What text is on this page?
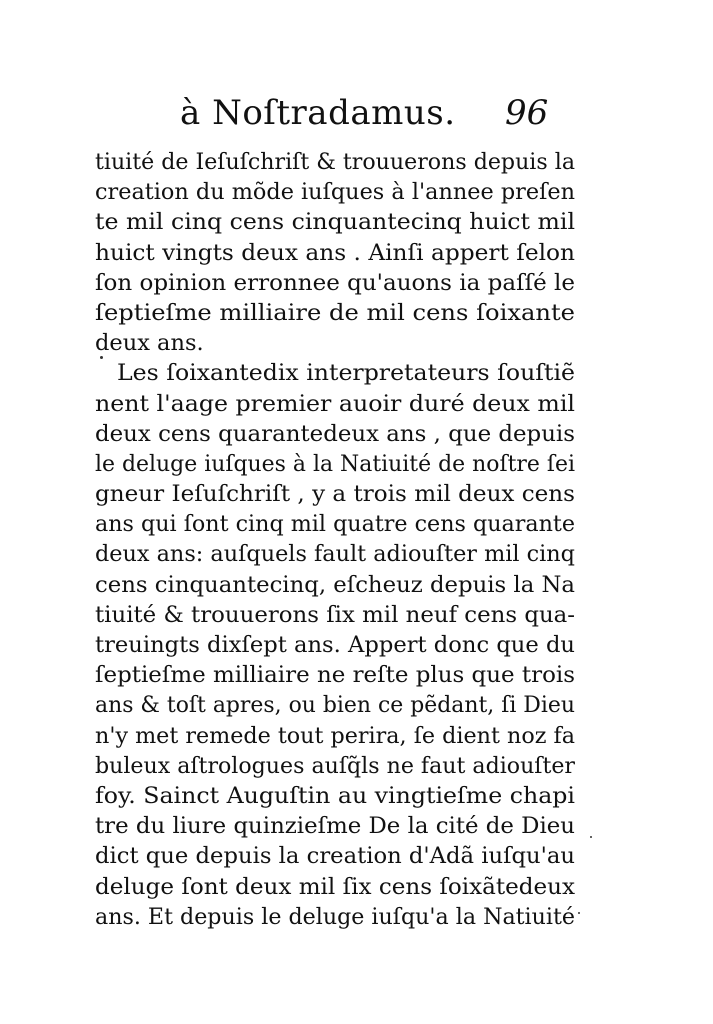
à Noſtradamus. 96
tiuité de Ieſuſchriſt & trouuerons depuis la
creation du mõde iuſques à l'annee preſen
te mil cinq cens cinquantecinq huict mil
huict vingts deux ans . Ainſi appert ſelon
ſon opinion erronnee qu'auons ia paſſé le
ſeptieſme milliaire de mil cens ſoixante
deux ans.
Les ſoixantedix interpretateurs ſouſtiẽ
nent l'aage premier auoir duré deux mil
deux cens quarantedeux ans , que depuis
le deluge iuſques à la Natiuité de noſtre ſei
gneur Ieſuſchriſt , y a trois mil deux cens
ans qui ſont cinq mil quatre cens quarante
deux ans: auſquels fault adiouſter mil cinq
cens cinquantecinq, eſcheuz depuis la Na
tiuité & trouuerons ſix mil neuf cens qua-
treuingts dixſept ans. Appert donc que du
ſeptieſme milliaire ne reſte plus que trois
ans & toſt apres, ou bien ce pẽdant, ſi Dieu
n'y met remede tout perira, ſe dient noz fa
buleux aſtrologues auſq̃ls ne faut adiouſter
foy. Sainct Auguſtin au vingtieſme chapi
tre du liure quinzieſme De la cité de Dieu
dict que depuis la creation d'Adã iuſqu'au
deluge ſont deux mil ſix cens ſoixãtedeux
ans. Et depuis le deluge iuſqu'a la Natiuité
